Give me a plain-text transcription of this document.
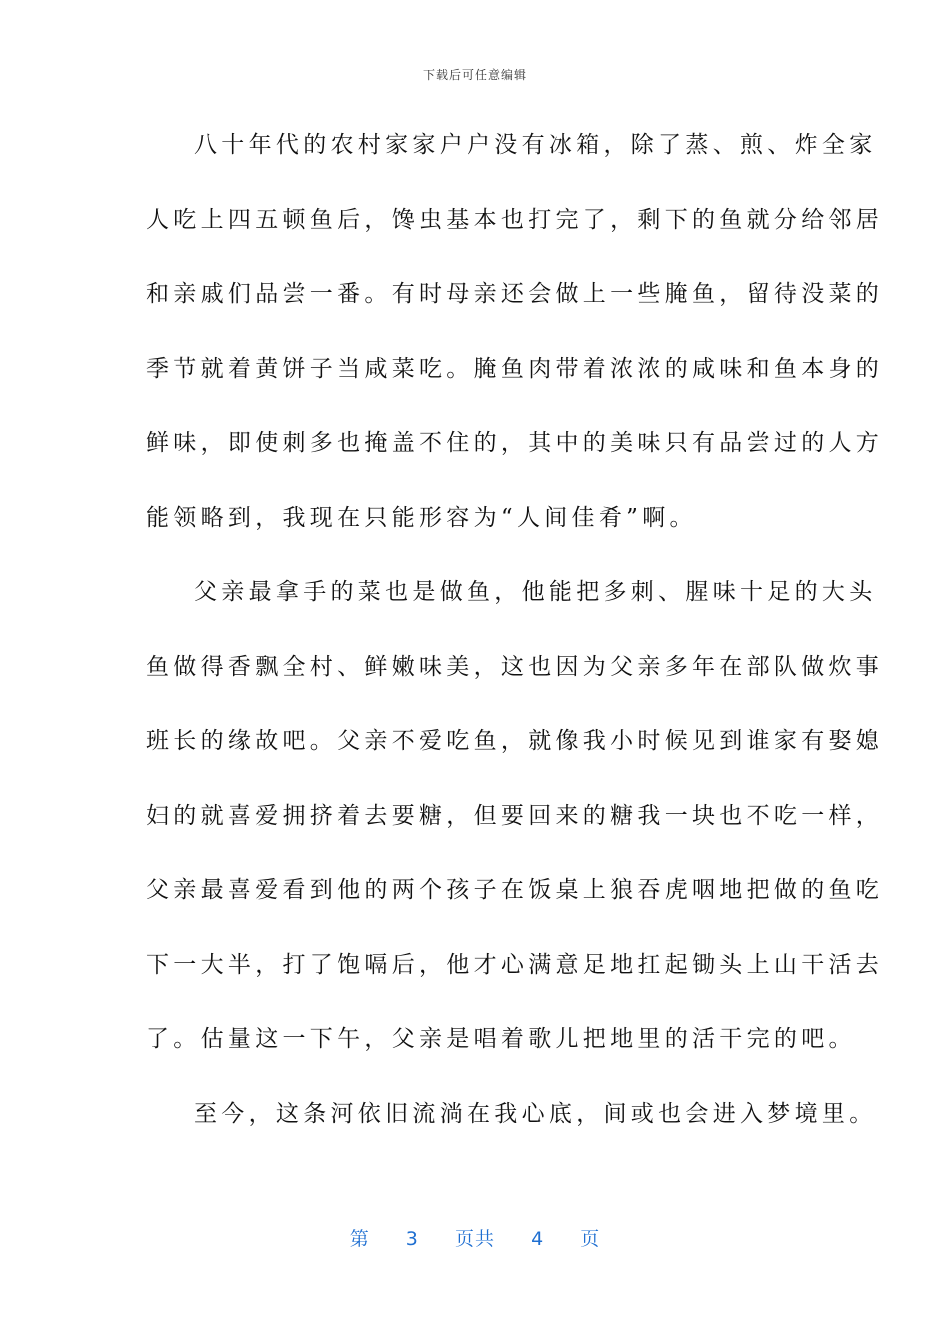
下载后可任意编辑
八十年代的农村家家户户没有冰箱，除了蒸、煎、炸全家
人吃上四五顿鱼后，馋虫基本也打完了，剩下的鱼就分给邻居
和亲戚们品尝一番。有时母亲还会做上一些腌鱼，留待没菜的
季节就着黄饼子当咸菜吃。腌鱼肉带着浓浓的咸味和鱼本身的
鲜味，即使刺多也掩盖不住的，其中的美味只有品尝过的人方
能领略到，我现在只能形容为“人间佳肴”啊。
父亲最拿手的菜也是做鱼，他能把多刺、腥味十足的大头
鱼做得香飘全村、鲜嫩味美，这也因为父亲多年在部队做炊事
班长的缘故吧。父亲不爱吃鱼，就像我小时候见到谁家有娶媳
妇的就喜爱拥挤着去要糖，但要回来的糖我一块也不吃一样，
父亲最喜爱看到他的两个孩子在饭桌上狼吞虎咽地把做的鱼吃
下一大半，打了饱嗝后，他才心满意足地扛起锄头上山干活去
了。估量这一下午，父亲是唱着歌儿把地里的活干完的吧。
至今，这条河依旧流淌在我心底，间或也会进入梦境里。
第 3 页共 4 页
